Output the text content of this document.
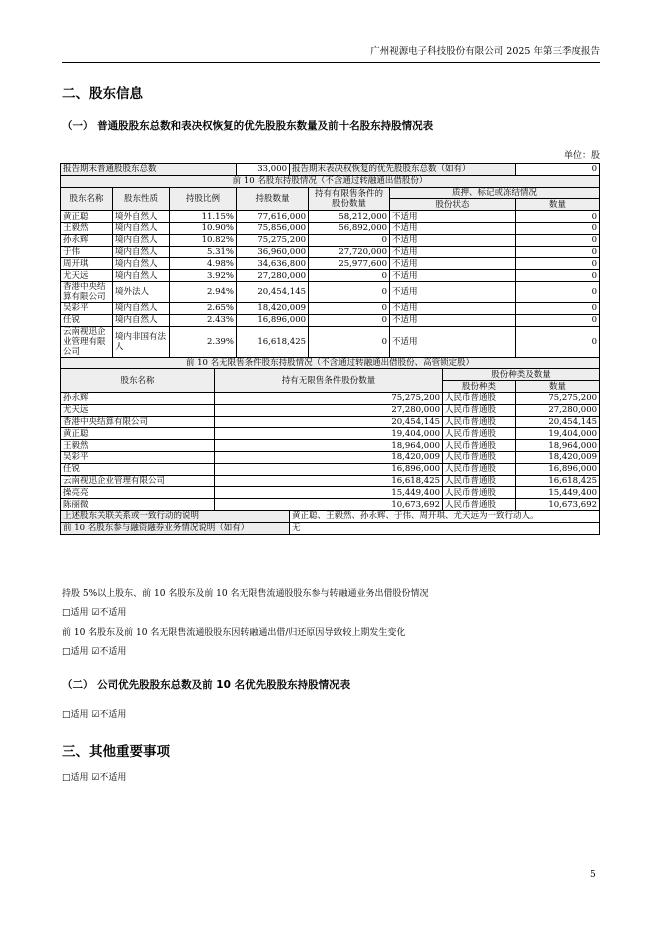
广州视源电子科技股份有限公司 2025 年第三季度报告
二、股东信息
（一） 普通股股东总数和表决权恢复的优先股股东数量及前十名股东持股情况表
单位：股
报告期末普通股股东总数				33,000	报告期末表决权恢复的优先股股东总数（如有）				0
前 10 名股东持股情况（不含通过转融通出借股份）									
股东名称	股东性质	持股比例		持股数量		持有有限售条件的股份数量	质押、标记或冻结情况		
							股份状态		数量
黄正聪	境外自然人	11.15%		77,616,000		58,212,000	不适用		0
王毅然	境内自然人	10.90%		75,856,000		56,892,000	不适用		0
孙永辉	境内自然人	10.82%		75,275,200		0	不适用		0
于伟	境内自然人	5.31%		36,960,000		27,720,000	不适用		0
周开琪	境内自然人	4.98%		34,636,800		25,977,600	不适用		0
尤天远	境内自然人	3.92%		27,280,000		0	不适用		0
香港中央结算有限公司	境外法人	2.94%		20,454,145		0	不适用		0
吴彩平	境内自然人	2.65%		18,420,009		0	不适用		0
任锐	境内自然人	2.43%		16,896,000		0	不适用		0
云南视迅企业管理有限公司	境内非国有法人	2.39%		16,618,425		0	不适用		0
前 10 名无限售条件股东持股情况（不含通过转融通出借股份、高管锁定股）									
股东名称			持有无限售条件股份数量					股份种类及数量	
								股份种类	数量
孙永辉			75,275,200					人民币普通股	75,275,200
尤天远			27,280,000					人民币普通股	27,280,000
香港中央结算有限公司			20,454,145					人民币普通股	20,454,145
黄正聪			19,404,000					人民币普通股	19,404,000
王毅然			18,964,000					人民币普通股	18,964,000
吴彩平			18,420,009					人民币普通股	18,420,009
任锐			16,896,000					人民币普通股	16,896,000
云南视迅企业管理有限公司			16,618,425					人民币普通股	16,618,425
操亮亮			15,449,400					人民币普通股	15,449,400
陈丽微			10,673,692					人民币普通股	10,673,692
上述股东关联关系或一致行动的说明					黄正聪、王毅然、孙永辉、于伟、周开琪、尤天远为一致行动人。				
前 10 名股东参与融资融券业务情况说明（如有）					无				
持股 5%以上股东、前 10 名股东及前 10 名无限售流通股股东参与转融通业务出借股份情况
□适用 ☑不适用
前 10 名股东及前 10 名无限售流通股股东因转融通出借/归还原因导致较上期发生变化
□适用 ☑不适用
（二） 公司优先股股东总数及前 10 名优先股股东持股情况表
□适用 ☑不适用
三、其他重要事项
□适用 ☑不适用
5
